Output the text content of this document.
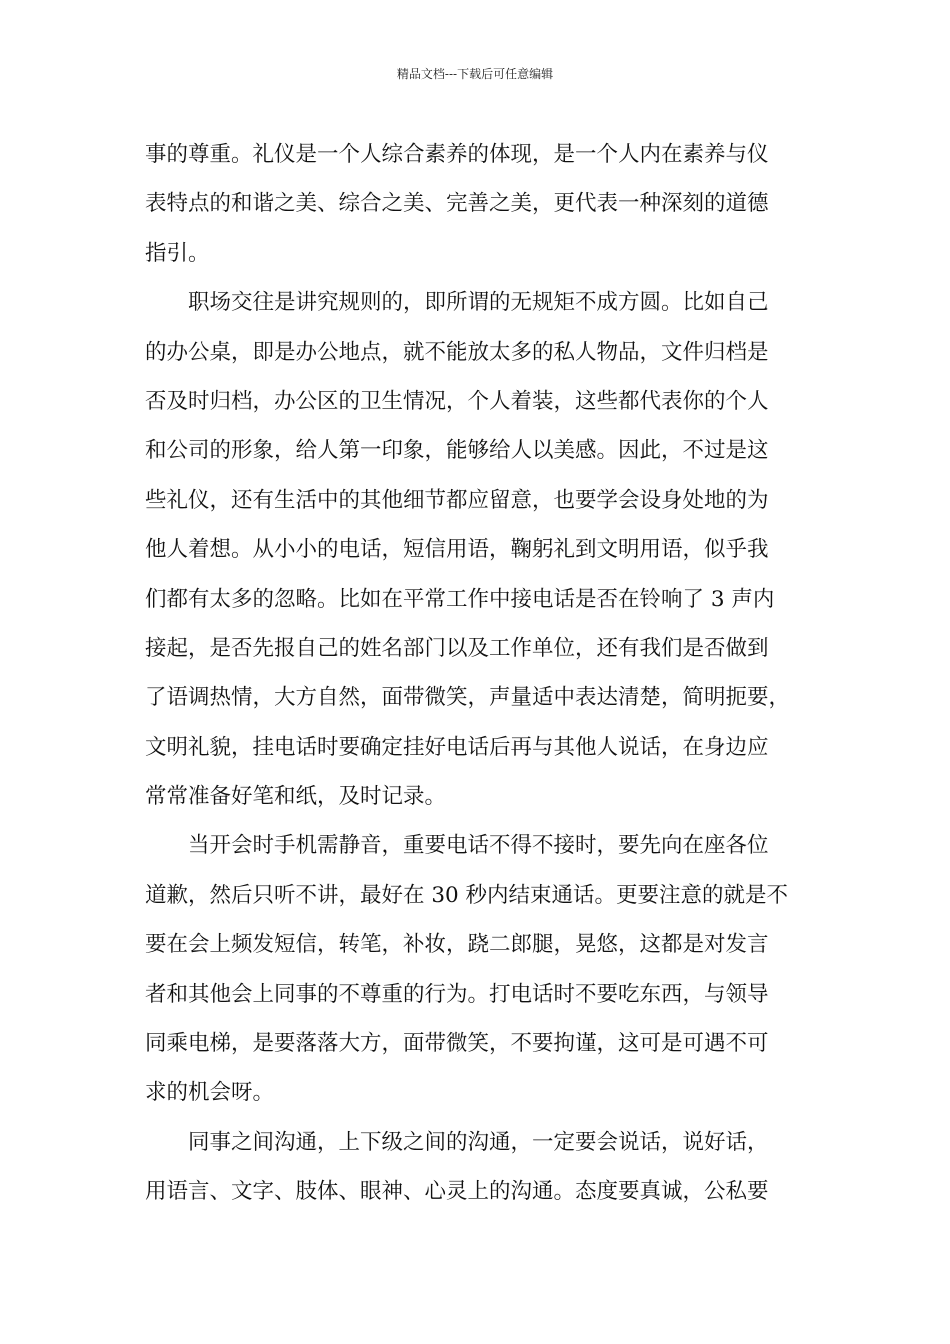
精品文档---下载后可任意编辑
事的尊重。礼仪是一个人综合素养的体现，是一个人内在素养与仪
表特点的和谐之美、综合之美、完善之美，更代表一种深刻的道德
指引。
　　职场交往是讲究规则的，即所谓的无规矩不成方圆。比如自己
的办公桌，即是办公地点，就不能放太多的私人物品，文件归档是
否及时归档，办公区的卫生情况，个人着装，这些都代表你的个人
和公司的形象，给人第一印象，能够给人以美感。因此，不过是这
些礼仪，还有生活中的其他细节都应留意，也要学会设身处地的为
他人着想。从小小的电话，短信用语，鞠躬礼到文明用语，似乎我
们都有太多的忽略。比如在平常工作中接电话是否在铃响了 3 声内
接起，是否先报自己的姓名部门以及工作单位，还有我们是否做到
了语调热情，大方自然，面带微笑，声量适中表达清楚，简明扼要，
文明礼貌，挂电话时要确定挂好电话后再与其他人说话，在身边应
常常准备好笔和纸，及时记录。
　　当开会时手机需静音，重要电话不得不接时，要先向在座各位
道歉，然后只听不讲，最好在 30 秒内结束通话。更要注意的就是不
要在会上频发短信，转笔，补妆，跷二郎腿，晃悠，这都是对发言
者和其他会上同事的不尊重的行为。打电话时不要吃东西，与领导
同乘电梯，是要落落大方，面带微笑，不要拘谨，这可是可遇不可
求的机会呀。
　　同事之间沟通，上下级之间的沟通，一定要会说话，说好话，
用语言、文字、肢体、眼神、心灵上的沟通。态度要真诚，公私要
